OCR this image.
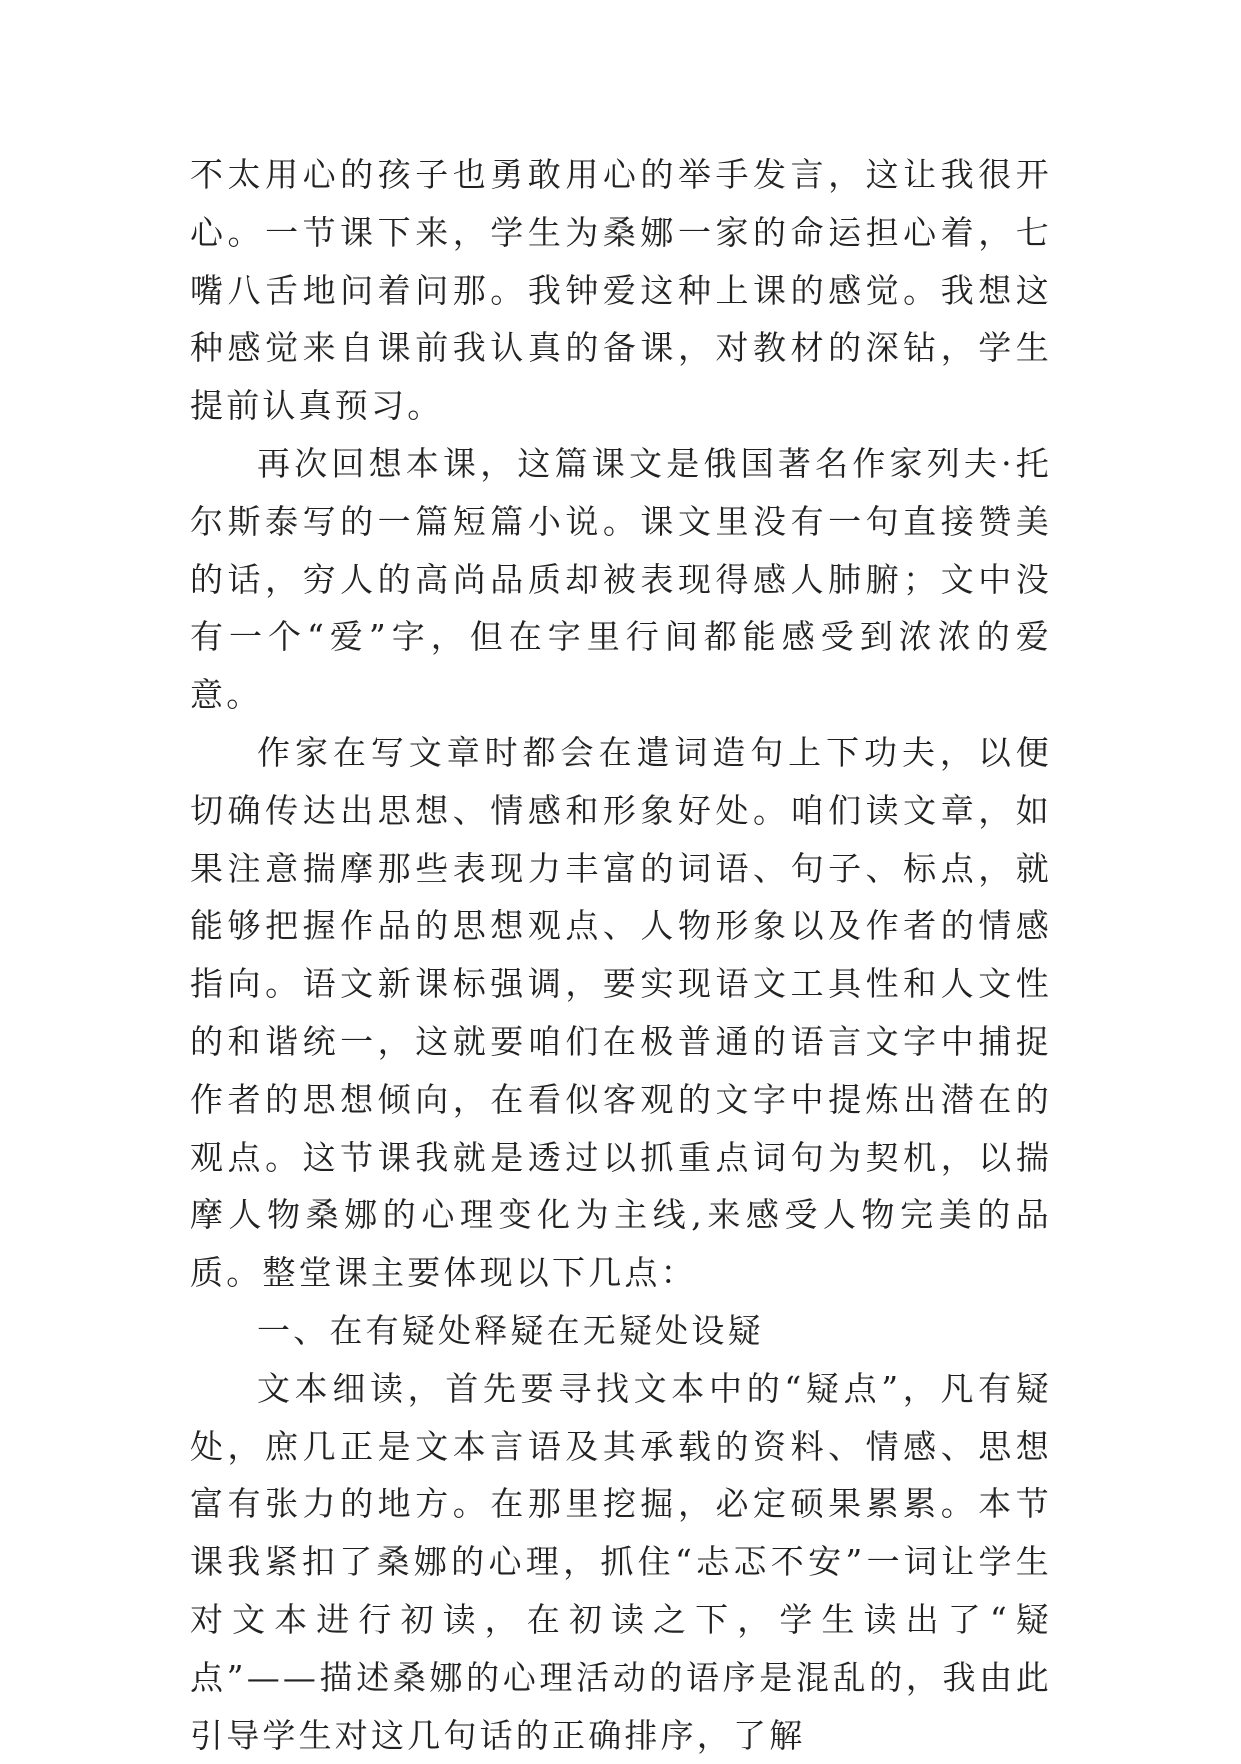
不太用心的孩子也勇敢用心的举手发言，这让我很开心。一节课下来，学生为桑娜一家的命运担心着，七嘴八舌地问着问那。我钟爱这种上课的感觉。我想这种感觉来自课前我认真的备课，对教材的深钻，学生提前认真预习。

再次回想本课，这篇课文是俄国著名作家列夫·托尔斯泰写的一篇短篇小说。课文里没有一句直接赞美的话，穷人的高尚品质却被表现得感人肺腑；文中没有一个“爱”字，但在字里行间都能感受到浓浓的爱意。

作家在写文章时都会在遣词造句上下功夫，以便切确传达出思想、情感和形象好处。咱们读文章，如果注意揣摩那些表现力丰富的词语、句子、标点，就能够把握作品的思想观点、人物形象以及作者的情感指向。语文新课标强调，要实现语文工具性和人文性的和谐统一，这就要咱们在极普通的语言文字中捕捉作者的思想倾向，在看似客观的文字中提炼出潜在的观点。这节课我就是透过以抓重点词句为契机，以揣摩人物桑娜的心理变化为主线,来感受人物完美的品质。整堂课主要体现以下几点：

一、在有疑处释疑在无疑处设疑

文本细读，首先要寻找文本中的“疑点”，凡有疑处，庶几正是文本言语及其承载的资料、情感、思想富有张力的地方。在那里挖掘，必定硕果累累。本节课我紧扣了桑娜的心理，抓住“忐忑不安”一词让学生对文本进行初读，在初读之下，学生读出了“疑点”——描述桑娜的心理活动的语序是混乱的，我由此引导学生对这几句话的正确排序，了解
